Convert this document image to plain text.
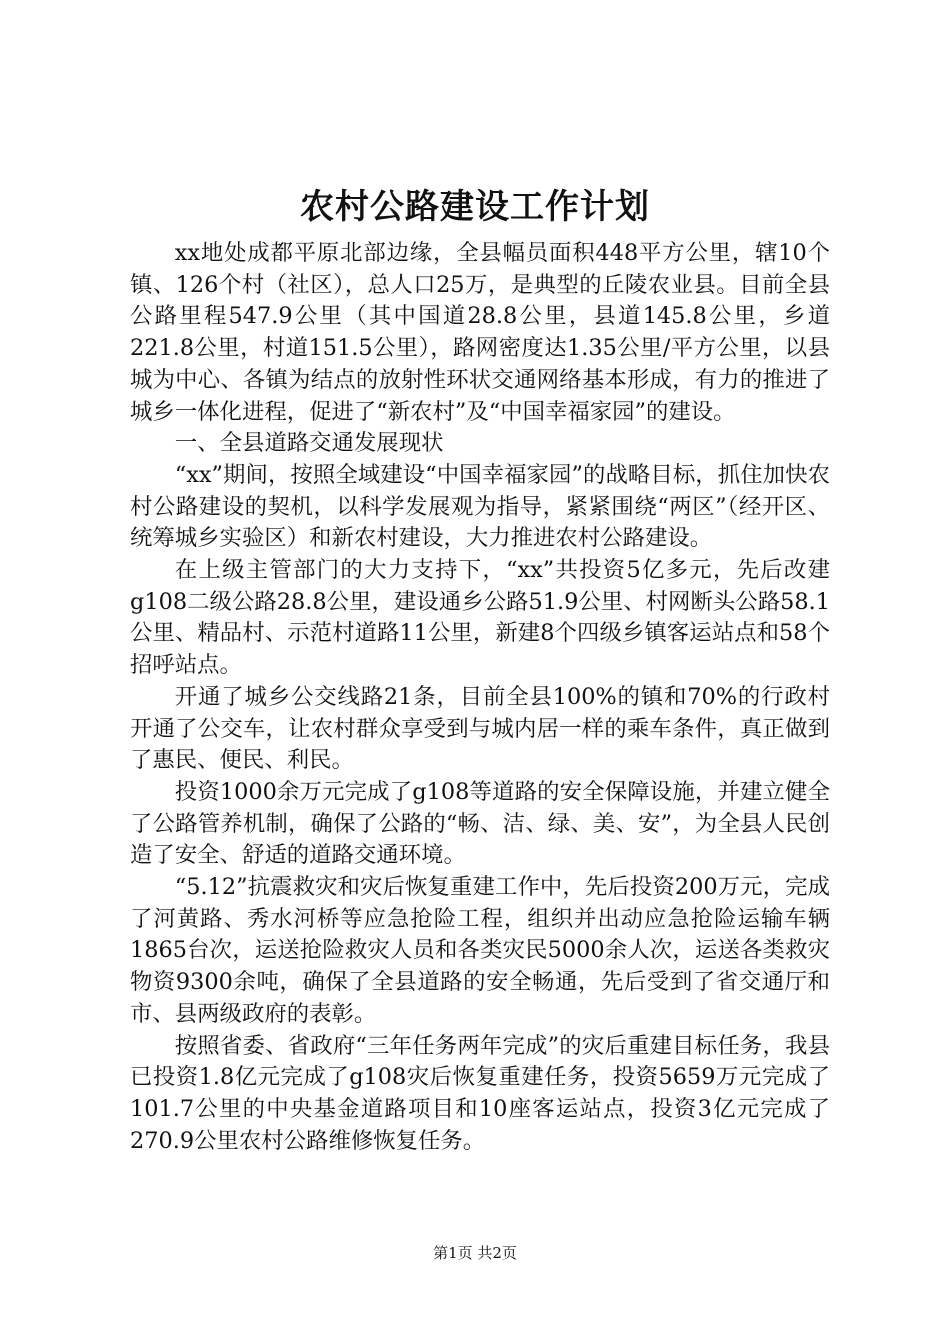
农村公路建设工作计划

xx地处成都平原北部边缘，全县幅员面积448平方公里，辖10个镇、126个村（社区），总人口25万，是典型的丘陵农业县。目前全县公路里程547.9公里（其中国道28.8公里，县道145.8公里，乡道221.8公里，村道151.5公里），路网密度达1.35公里/平方公里，以县城为中心、各镇为结点的放射性环状交通网络基本形成，有力的推进了城乡一体化进程，促进了“新农村”及“中国幸福家园”的建设。

一、全县道路交通发展现状

“xx”期间，按照全域建设“中国幸福家园”的战略目标，抓住加快农村公路建设的契机，以科学发展观为指导，紧紧围绕“两区”（经开区、统筹城乡实验区）和新农村建设，大力推进农村公路建设。

在上级主管部门的大力支持下，“xx”共投资5亿多元，先后改建g108二级公路28.8公里，建设通乡公路51.9公里、村网断头公路58.1公里、精品村、示范村道路11公里，新建8个四级乡镇客运站点和58个招呼站点。

开通了城乡公交线路21条，目前全县100%的镇和70%的行政村开通了公交车，让农村群众享受到与城内居一样的乘车条件，真正做到了惠民、便民、利民。

投资1000余万元完成了g108等道路的安全保障设施，并建立健全了公路管养机制，确保了公路的“畅、洁、绿、美、安”，为全县人民创造了安全、舒适的道路交通环境。

“5.12”抗震救灾和灾后恢复重建工作中，先后投资200万元，完成了河黄路、秀水河桥等应急抢险工程，组织并出动应急抢险运输车辆1865台次，运送抢险救灾人员和各类灾民5000余人次，运送各类救灾物资9300余吨，确保了全县道路的安全畅通，先后受到了省交通厅和市、县两级政府的表彰。

按照省委、省政府“三年任务两年完成”的灾后重建目标任务，我县已投资1.8亿元完成了g108灾后恢复重建任务，投资5659万元完成了101.7公里的中央基金道路项目和10座客运站点，投资3亿元完成了270.9公里农村公路维修恢复任务。

第1页 共2页
